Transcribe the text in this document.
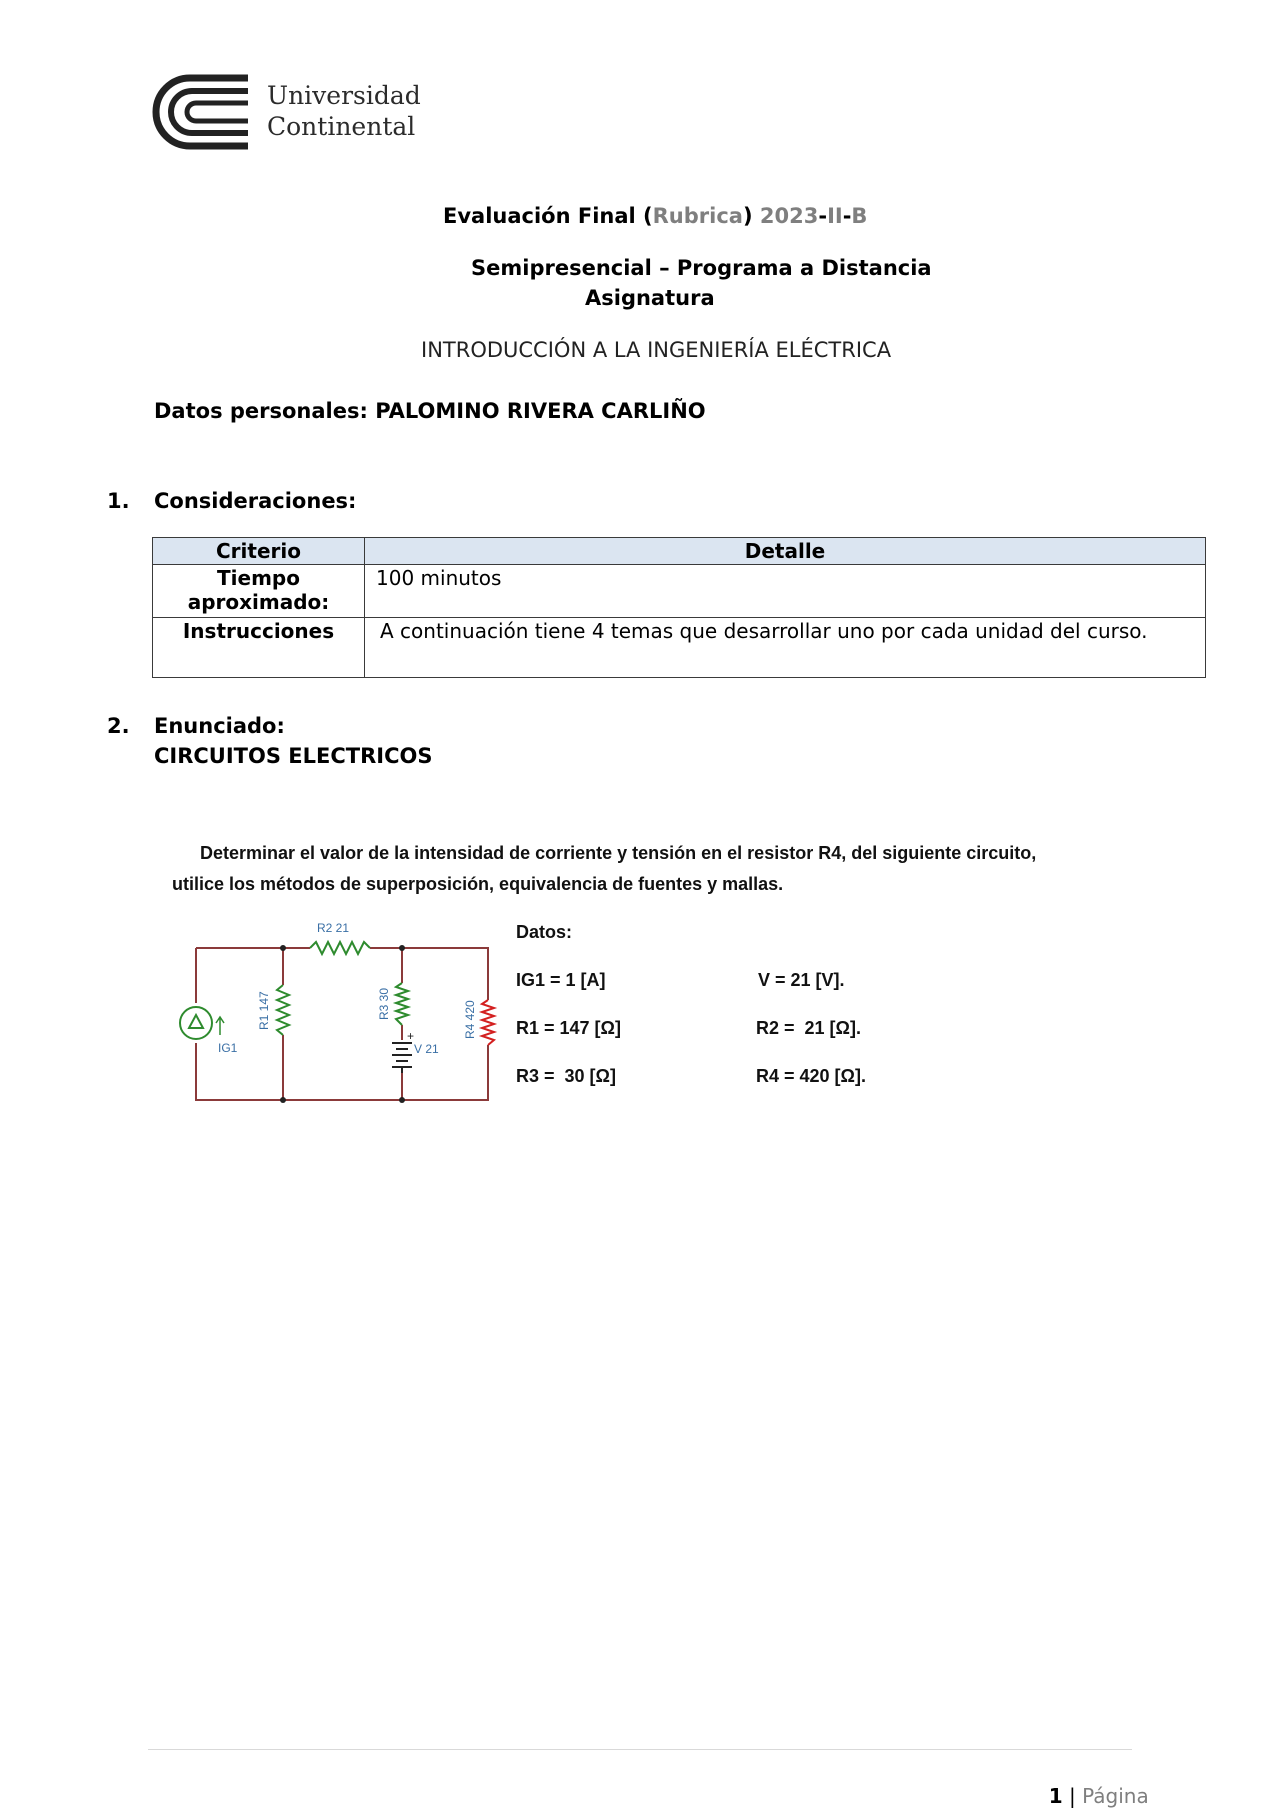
Universidad
Continental
Evaluación Final (Rubrica) 2023-II-B
Semipresencial – Programa a Distancia
Asignatura
INTRODUCCIÓN A LA INGENIERÍA ELÉCTRICA
Datos personales: PALOMINO RIVERA CARLIÑO
1. Consideraciones:
Criterio	Detalle

Tiempo
aproximado:	100 minutos

Instrucciones	A continuación tiene 4 temas que desarrollar uno por cada unidad del curso.
2. Enunciado:
CIRCUITOS ELECTRICOS
Determinar el valor de la intensidad de corriente y tensión en el resistor R4, del siguiente circuito,
utilice los métodos de superposición, equivalencia de fuentes y mallas.
R2 21
R1 147	R3 30	R4 420
IG1	V 21
+
Datos:
IG1 = 1 [A]	V = 21 [V].
R1 = 147 [Ω]	R2 =  21 [Ω].
R3 =  30 [Ω]	R4 = 420 [Ω].

1 | Página
